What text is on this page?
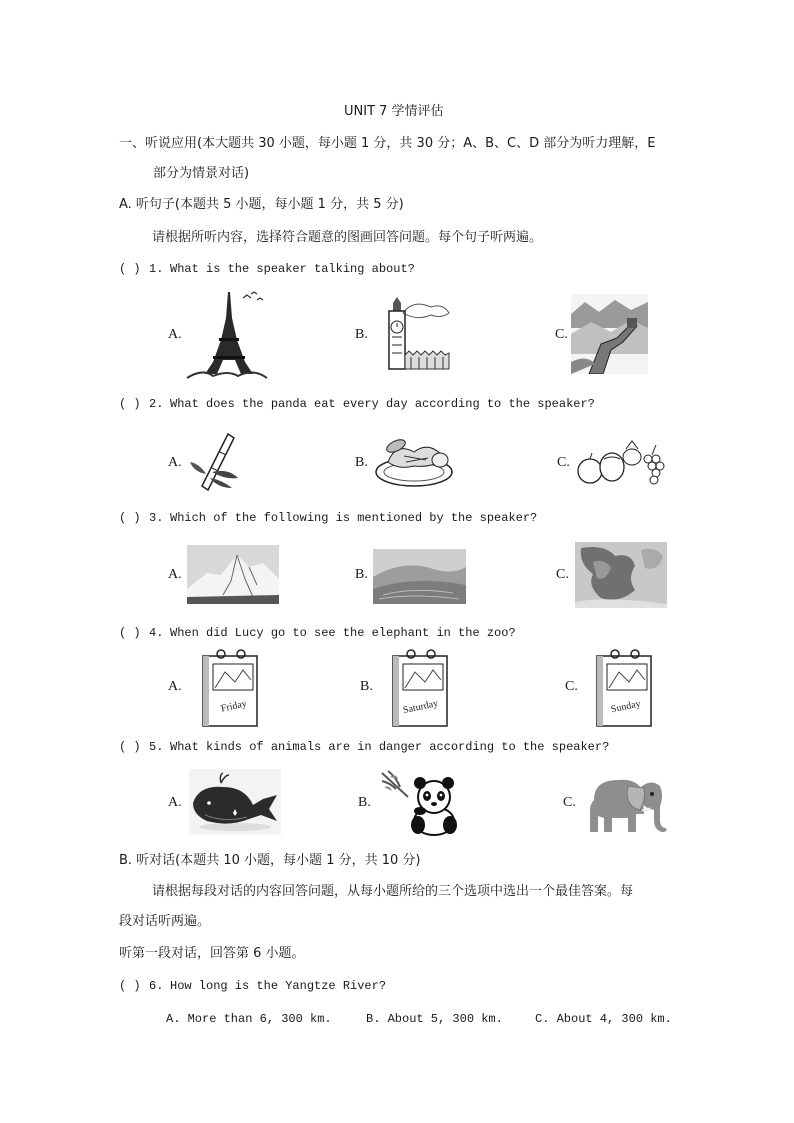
UNIT 7 学情评估
一、听说应用(本大题共 30 小题，每小题 1 分，共 30 分；A、B、C、D 部分为听力理解，E
部分为情景对话)
A. 听句子(本题共 5 小题，每小题 1 分，共 5 分)
请根据所听内容，选择符合题意的图画回答问题。每个句子听两遍。
( ) 1. What is the speaker talking about?
A.	B.	C.
( ) 2. What does the panda eat every day according to the speaker?
A.	B.	C.
( ) 3. Which of the following is mentioned by the speaker?
A.	B.	C.
( ) 4. When did Lucy go to see the elephant in the zoo?
A.	B.	C.
Friday	Saturday	Sunday
( ) 5. What kinds of animals are in danger according to the speaker?
A.	B.	C.
B. 听对话(本题共 10 小题，每小题 1 分，共 10 分)
请根据每段对话的内容回答问题，从每小题所给的三个选项中选出一个最佳答案。每
段对话听两遍。
听第一段对话，回答第 6 小题。
( ) 6. How long is the Yangtze River?
A. More than 6, 300 km.	B. About 5, 300 km.	C. About 4, 300 km.
